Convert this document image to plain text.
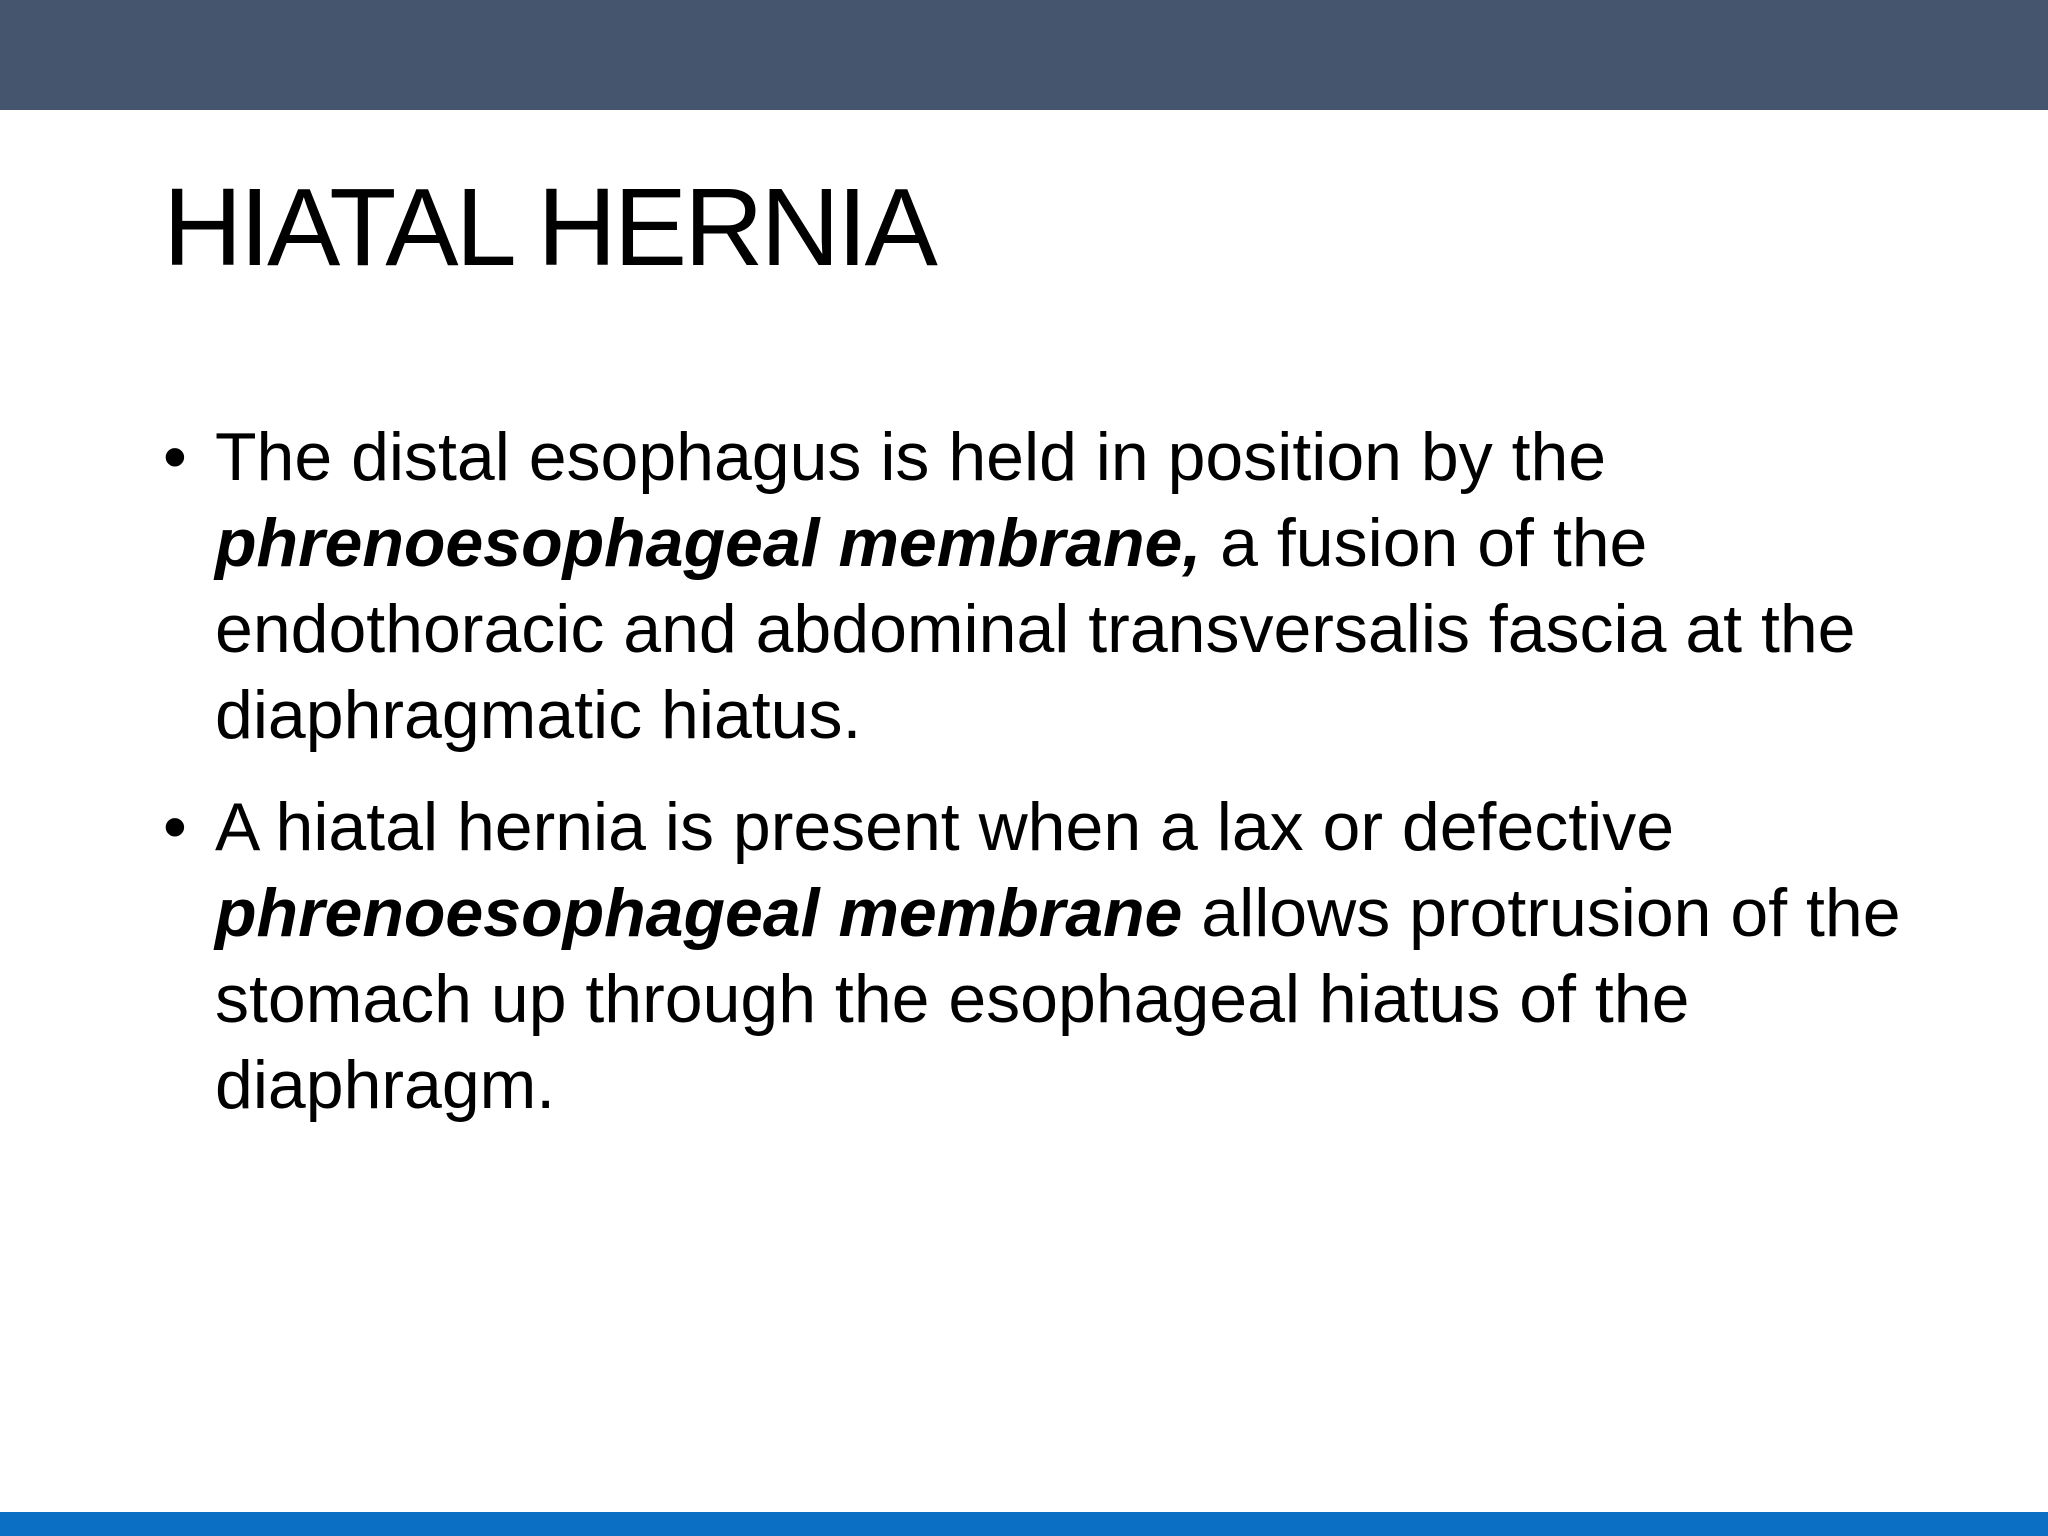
HIATAL HERNIA
• The distal esophagus is held in position by the phrenoesophageal membrane, a fusion of the endothoracic and abdominal transversalis fascia at the diaphragmatic hiatus.
• A hiatal hernia is present when a lax or defective phrenoesophageal membrane allows protrusion of the stomach up through the esophageal hiatus of the diaphragm.
